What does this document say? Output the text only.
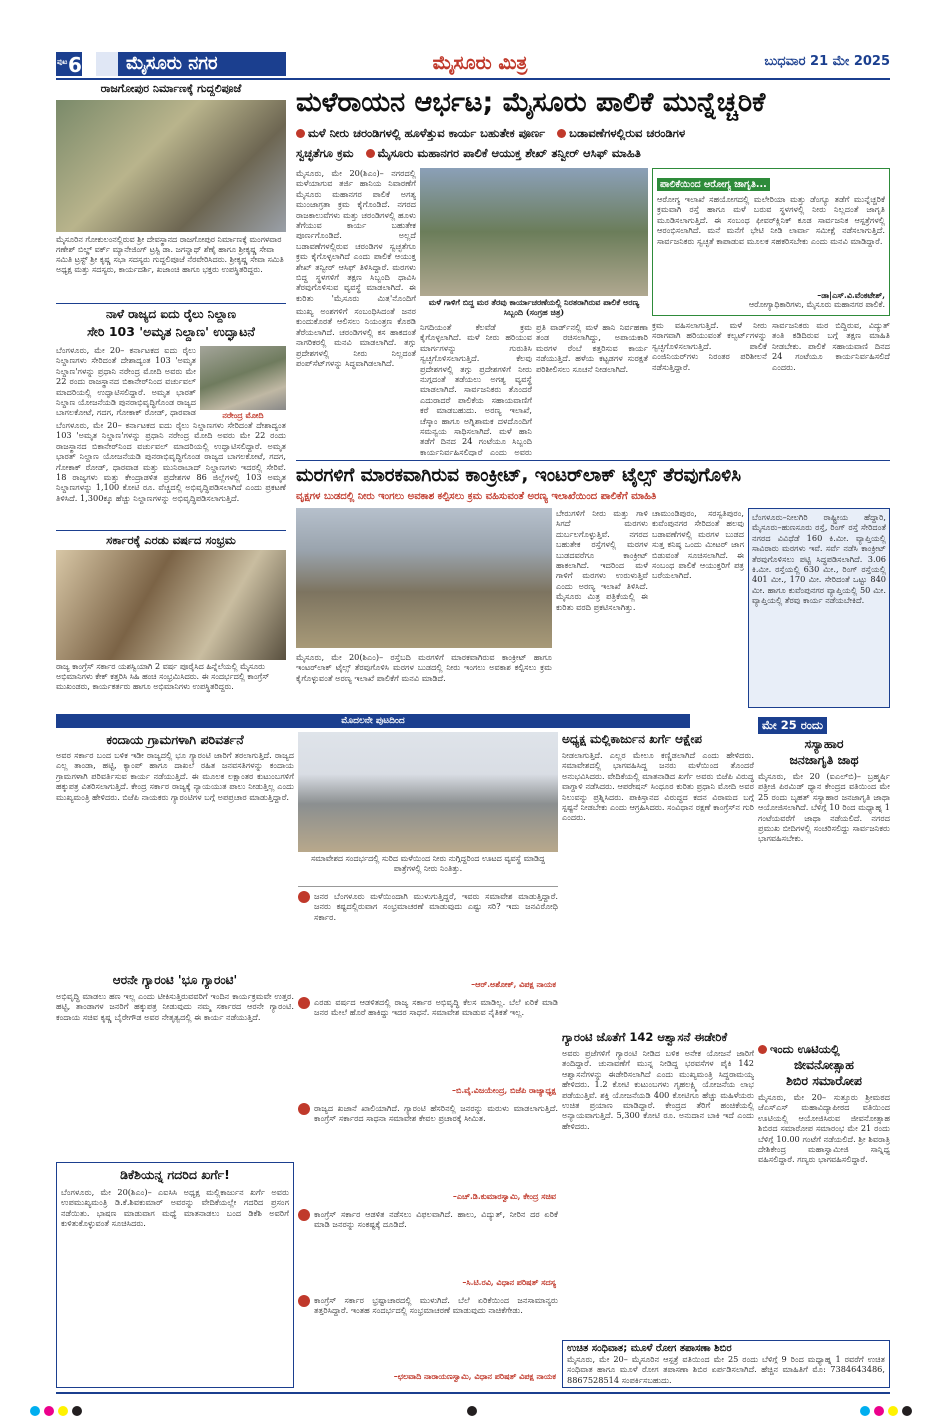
ಪುಟ 6	ಮೈಸೂರು ನಗರ	ಮೈಸೂರು ಮಿತ್ರ	ಬುಧವಾರ 21 ಮೇ 2025
ರಾಜಗೋಪುರ ನಿರ್ಮಾಣಕ್ಕೆ ಗುದ್ದಲಿಪೂಜೆ
ಮೈಸೂರಿನ ಗೋಕುಲಂನಲ್ಲಿರುವ ಶ್ರೀ ದೇವಸ್ಥಾನದ ರಾಜಗೋಪುರ ನಿರ್ಮಾಣಕ್ಕೆ ಮಂಗಳವಾರ ಗಣೇಶ್ ಬಿಲ್ಡ್ ವರ್ಕ್ ಮ್ಯಾನೇಜಿಂಗ್ ಟ್ರಸ್ಟಿ ಡಾ. ಜಗನ್ನಾಥ್ ಶೆಣೈ ಹಾಗೂ ಶ್ರೀಕೃಷ್ಣ ಸೇವಾ ಸಮಿತಿ ಟ್ರಸ್ಟ್ ಶ್ರೀ ಕೃಷ್ಣ ಸಭಾ ಸದಸ್ಯರು ಗುದ್ದಲಿಪೂಜೆ ನೆರವೇರಿಸಿದರು. ಶ್ರೀಕೃಷ್ಣ ಸೇವಾ ಸಮಿತಿ ಅಧ್ಯಕ್ಷ ಮತ್ತು ಸದಸ್ಯರು, ಕಾರ್ಯದರ್ಶಿ, ಖಜಾಂಚಿ ಹಾಗೂ ಭಕ್ತರು ಉಪಸ್ಥಿತರಿದ್ದರು.
ನಾಳೆ ರಾಜ್ಯದ ಐದು ರೈಲು ನಿಲ್ದಾಣ
ಸೇರಿ 103 'ಅಮೃತ ನಿಲ್ದಾಣ' ಉದ್ಘಾಟನೆ
ಬೆಂಗಳೂರು, ಮೇ 20– ಕರ್ನಾಟಕದ ಐದು ರೈಲು ನಿಲ್ದಾಣಗಳು ಸೇರಿದಂತೆ ದೇಶಾದ್ಯಂತ 103 'ಅಮೃತ ನಿಲ್ದಾಣ'ಗಳನ್ನು ಪ್ರಧಾನಿ ನರೇಂದ್ರ ಮೋದಿ ಅವರು ಮೇ 22 ರಂದು ರಾಜಸ್ಥಾನದ ಬಿಕಾನೇರ್‌ನಿಂದ ವರ್ಚುವಲ್ ಮಾದರಿಯಲ್ಲಿ ಉದ್ಘಾಟಿಸಲಿದ್ದಾರೆ. ಅಮೃತ ಭಾರತ್ ನಿಲ್ದಾಣ ಯೋಜನೆಯಡಿ ಪುನರಾಭಿವೃದ್ಧಿಗೊಂಡ ರಾಜ್ಯದ ಬಾಗಲಕೋಟೆ, ಗದಗ, ಗೋಕಾಕ್ ರೋಡ್, ಧಾರವಾಡ	ನರೇಂದ್ರ ಮೋದಿ
ಬೆಂಗಳೂರು, ಮೇ 20– ಕರ್ನಾಟಕದ ಐದು ರೈಲು ನಿಲ್ದಾಣಗಳು ಸೇರಿದಂತೆ ದೇಶಾದ್ಯಂತ 103 'ಅಮೃತ ನಿಲ್ದಾಣ'ಗಳನ್ನು ಪ್ರಧಾನಿ ನರೇಂದ್ರ ಮೋದಿ ಅವರು ಮೇ 22 ರಂದು ರಾಜಸ್ಥಾನದ ಬಿಕಾನೇರ್‌ನಿಂದ ವರ್ಚುವಲ್ ಮಾದರಿಯಲ್ಲಿ ಉದ್ಘಾಟಿಸಲಿದ್ದಾರೆ. ಅಮೃತ ಭಾರತ್ ನಿಲ್ದಾಣ ಯೋಜನೆಯಡಿ ಪುನರಾಭಿವೃದ್ಧಿಗೊಂಡ ರಾಜ್ಯದ ಬಾಗಲಕೋಟೆ, ಗದಗ, ಗೋಕಾಕ್ ರೋಡ್, ಧಾರವಾಡ ಮತ್ತು ಮುನಿರಾಬಾದ್ ನಿಲ್ದಾಣಗಳು ಇದರಲ್ಲಿ ಸೇರಿವೆ. 18 ರಾಜ್ಯಗಳು ಮತ್ತು ಕೇಂದ್ರಾಡಳಿತ ಪ್ರದೇಶಗಳ 86 ಜಿಲ್ಲೆಗಳಲ್ಲಿ 103 ಅಮೃತ ನಿಲ್ದಾಣಗಳನ್ನು 1,100 ಕೋಟಿ ರೂ. ವೆಚ್ಚದಲ್ಲಿ ಅಭಿವೃದ್ಧಿಪಡಿಸಲಾಗಿದೆ ಎಂದು ಪ್ರಕಟಣೆ ತಿಳಿಸಿದೆ. 1,300ಕ್ಕೂ ಹೆಚ್ಚು ನಿಲ್ದಾಣಗಳನ್ನು ಅಭಿವೃದ್ಧಿಪಡಿಸಲಾಗುತ್ತಿದೆ.
ಸರ್ಕಾರಕ್ಕೆ ಎರಡು ವರ್ಷದ ಸಂಭ್ರಮ
ರಾಜ್ಯ ಕಾಂಗ್ರೆಸ್ ಸರ್ಕಾರ ಯಶಸ್ವಿಯಾಗಿ 2 ವರ್ಷ ಪೂರೈಸಿದ ಹಿನ್ನೆಲೆಯಲ್ಲಿ ಮೈಸೂರು ಅಭಿಮಾನಿಗಳು ಕೇಕ್ ಕತ್ತರಿಸಿ ಸಿಹಿ ಹಂಚಿ ಸಂಭ್ರಮಿಸಿದರು. ಈ ಸಂದರ್ಭದಲ್ಲಿ ಕಾಂಗ್ರೆಸ್ ಮುಖಂಡರು, ಕಾರ್ಯಕರ್ತರು ಹಾಗೂ ಅಭಿಮಾನಿಗಳು ಉಪಸ್ಥಿತರಿದ್ದರು.
ಮಳೆರಾಯನ ಆರ್ಭಟ; ಮೈಸೂರು ಪಾಲಿಕೆ ಮುನ್ನೆಚ್ಚರಿಕೆ
ಮಳೆ ನೀರು ಚರಂಡಿಗಳಲ್ಲಿ ಹೂಳೆತ್ತುವ ಕಾರ್ಯ ಬಹುತೇಕ ಪೂರ್ಣ ಬಡಾವಣೆಗಳಲ್ಲಿರುವ ಚರಂಡಿಗಳ
ಸ್ವಚ್ಛತೆಗೂ ಕ್ರಮ ಮೈಸೂರು ಮಹಾನಗರ ಪಾಲಿಕೆ ಆಯುಕ್ತ ಶೇಖ್ ತನ್ವೀರ್ ಆಸಿಫ್ ಮಾಹಿತಿ
ಮೈಸೂರು, ಮೇ 20(ಶಿಎಂ)– ನಗರದಲ್ಲಿ ಮಳೆಯಾಗುವ ತರ್ಜಿ ಹಾನಿಯ ನಿವಾರಣೆಗೆ ಮೈಸೂರು ಮಹಾನಗರ ಪಾಲಿಕೆ ಅಗತ್ಯ ಮುಂಜಾಗ್ರತಾ ಕ್ರಮ ಕೈಗೊಂಡಿದೆ. ನಗರದ ರಾಜಕಾಲುವೆಗಳು ಮತ್ತು ಚರಂಡಿಗಳಲ್ಲಿ ಹೂಳು ತೆಗೆಯುವ ಕಾರ್ಯ ಬಹುತೇಕ ಪೂರ್ಣಗೊಂಡಿದೆ. ಅಲ್ಲದೆ ಬಡಾವಣೆಗಳಲ್ಲಿರುವ ಚರಂಡಿಗಳ ಸ್ವಚ್ಛತೆಗೂ ಕ್ರಮ ಕೈಗೊಳ್ಳಲಾಗಿದೆ ಎಂದು ಪಾಲಿಕೆ ಆಯುಕ್ತ ಶೇಖ್ ತನ್ವೀರ್ ಆಸಿಫ್ ತಿಳಿಸಿದ್ದಾರೆ. ಮರಗಳು ಬಿದ್ದ ಸ್ಥಳಗಳಿಗೆ ತಕ್ಷಣ ಸಿಬ್ಬಂದಿ ಧಾವಿಸಿ ತೆರವುಗೊಳಿಸುವ ವ್ಯವಸ್ಥೆ ಮಾಡಲಾಗಿದೆ. ಈ ಕುರಿತು 'ಮೈಸೂರು ಮಿತ್ರ'ನೊಂದಿಗೆ	ಮಳೆ ಗಾಳಿಗೆ ಬಿದ್ದ ಮರ ತೆರವು ಕಾರ್ಯಾಚರಣೆಯಲ್ಲಿ ನಿರತರಾಗಿರುವ ಪಾಲಿಕೆ ಅರಣ್ಯ ಸಿಬ್ಬಂದಿ (ಸಂಗ್ರಹ ಚಿತ್ರ)
ಪಾಲಿಕೆಯಿಂದ ಆರೋಗ್ಯ ಜಾಗೃತಿ...
ಆರೋಗ್ಯ ಇಲಾಖೆ ಸಹಯೋಗದಲ್ಲಿ ಮಲೇರಿಯಾ ಮತ್ತು ಡೆಂಗ್ಯೂ ತಡೆಗೆ ಮುನ್ನೆಚ್ಚರಿಕೆ ಕ್ರಮವಾಗಿ ರಸ್ತೆ ಹಾಗೂ ಮಳೆ ಬರುವ ಸ್ಥಳಗಳಲ್ಲಿ ನೀರು ನಿಲ್ಲದಂತೆ ಜಾಗೃತಿ ಮೂಡಿಸಲಾಗುತ್ತಿದೆ. ಈ ಸಂಬಂಧ ಫೀವರ್‌ಕ್ಲಿನಿಕ್ ಕೂಡ ಸಾರ್ವಜನಿಕ ಆಸ್ಪತ್ರೆಗಳಲ್ಲಿ ಆರಂಭಿಸಲಾಗಿದೆ. ಮನೆ ಮನೆಗೆ ಭೇಟಿ ನೀಡಿ ಲಾರ್ವಾ ಸಮೀಕ್ಷೆ ನಡೆಸಲಾಗುತ್ತಿದೆ. ಸಾರ್ವಜನಿಕರು ಸ್ವಚ್ಛತೆ ಕಾಪಾಡುವ ಮೂಲಕ ಸಹಕರಿಸಬೇಕು ಎಂದು ಮನವಿ ಮಾಡಿದ್ದಾರೆ.
–ಡಾ|ಎಸ್.ವಿ.ವೆಂಕಟೇಶ್,
ಆರೋಗ್ಯಾಧಿಕಾರಿಗಳು, ಮೈಸೂರು ಮಹಾನಗರ ಪಾಲಿಕೆ.
ಮುಖ್ಯ ಅಂಶಗಳಿಗೆ ಸಂಬಂಧಿಸಿದಂತೆ ಜನರ ಕುಂದುಕೊರತೆ ಆಲಿಸಲು ನಿಯಂತ್ರಣ ಕೊಠಡಿ ತೆರೆಯಲಾಗಿದೆ. ಚರಂಡಿಗಳಲ್ಲಿ ಕಸ ಹಾಕದಂತೆ ನಾಗರಿಕರಲ್ಲಿ ಮನವಿ ಮಾಡಲಾಗಿದೆ. ತಗ್ಗು ಪ್ರದೇಶಗಳಲ್ಲಿ ನೀರು ನಿಲ್ಲದಂತೆ ಪಂಪ್‌ಸೆಟ್‌ಗಳನ್ನು ಸಿದ್ಧವಾಗಿಡಲಾಗಿದೆ.
ನಿಗದಿಯಂತೆ ಕೆಲವೆಡೆ ಕ್ರಮ ಕೈಗೊಳ್ಳಲಾಗಿದೆ. ಮಳೆ ನೀರು ಹರಿಯುವ ಮಾರ್ಗಗಳನ್ನು ಗುರುತಿಸಿ ಸ್ವಚ್ಛಗೊಳಿಸಲಾಗುತ್ತಿದೆ. ಕೆಲವು ಪ್ರದೇಶಗಳಲ್ಲಿ ತಗ್ಗು ಪ್ರದೇಶಗಳಿಗೆ ನೀರು ನುಗ್ಗದಂತೆ ತಡೆಯಲು ಅಗತ್ಯ ವ್ಯವಸ್ಥೆ ಮಾಡಲಾಗಿದೆ. ಸಾರ್ವಜನಿಕರು ತೊಂದರೆ ಎದುರಾದರೆ ಪಾಲಿಕೆಯ ಸಹಾಯವಾಣಿಗೆ ಕರೆ ಮಾಡಬಹುದು. ಅರಣ್ಯ ಇಲಾಖೆ, ಚೆಸ್ಕಾಂ ಹಾಗೂ ಅಗ್ನಿಶಾಮಕ ದಳದೊಂದಿಗೆ ಸಮನ್ವಯ ಸಾಧಿಸಲಾಗಿದೆ. ಮಳೆ ಹಾನಿ ತಡೆಗೆ ದಿನದ 24 ಗಂಟೆಯೂ ಸಿಬ್ಬಂದಿ ಕಾರ್ಯನಿರ್ವಹಿಸಲಿದ್ದಾರೆ ಎಂದು ಅವರು
ಪ್ರತಿ ವಾರ್ಡ್‌ನಲ್ಲಿ ಮಳೆ ಹಾನಿ ನಿರ್ವಹಣಾ ತಂಡ ರಚಿಸಲಾಗಿದ್ದು, ಅಪಾಯಕಾರಿ ಮರಗಳ ರೆಂಬೆ ಕತ್ತರಿಸುವ ಕಾರ್ಯ ನಡೆಯುತ್ತಿದೆ. ಹಳೆಯ ಕಟ್ಟಡಗಳ ಸುರಕ್ಷತೆ ಪರಿಶೀಲಿಸಲು ಸೂಚನೆ ನೀಡಲಾಗಿದೆ.
ಕ್ರಮ ವಹಿಸಲಾಗುತ್ತಿದೆ. ಮಳೆ ನೀರು ಸರಾಗವಾಗಿ ಹರಿಯುವಂತೆ ಕಲ್ವರ್ಟ್‌ಗಳನ್ನು ಸ್ವಚ್ಛಗೊಳಿಸಲಾಗುತ್ತಿದೆ. ಪಾಲಿಕೆ ಎಂಜಿನಿಯರ್‌ಗಳು ನಿರಂತರ ಪರಿಶೀಲನೆ ನಡೆಸುತ್ತಿದ್ದಾರೆ.
ಸಾರ್ವಜನಿಕರು ಮರ ಬಿದ್ದಿರುವ, ವಿದ್ಯುತ್ ತಂತಿ ಕಡಿದಿರುವ ಬಗ್ಗೆ ತಕ್ಷಣ ಮಾಹಿತಿ ನೀಡಬೇಕು. ಪಾಲಿಕೆ ಸಹಾಯವಾಣಿ ದಿನದ 24 ಗಂಟೆಯೂ ಕಾರ್ಯನಿರ್ವಹಿಸಲಿದೆ ಎಂದರು.
ಮರಗಳಿಗೆ ಮಾರಕವಾಗಿರುವ ಕಾಂಕ್ರೀಟ್, ಇಂಟರ್‌ಲಾಕ್ ಟೈಲ್ಸ್ ತೆರವುಗೊಳಿಸಿ
ವೃಕ್ಷಗಳ ಬುಡದಲ್ಲಿ ನೀರು ಇಂಗಲು ಅವಕಾಶ ಕಲ್ಪಿಸಲು ಕ್ರಮ ವಹಿಸುವಂತೆ ಅರಣ್ಯ ಇಲಾಖೆಯಿಂದ ಪಾಲಿಕೆಗೆ ಮಾಹಿತಿ
ಮೈಸೂರು, ಮೇ 20(ಶಿಎಂ)– ರಸ್ತೆಬದಿ ಮರಗಳಿಗೆ ಮಾರಕವಾಗಿರುವ ಕಾಂಕ್ರೀಟ್ ಹಾಗೂ ಇಂಟರ್‌ಲಾಕ್ ಟೈಲ್ಸ್ ತೆರವುಗೊಳಿಸಿ ಮರಗಳ ಬುಡದಲ್ಲಿ ನೀರು ಇಂಗಲು ಅವಕಾಶ ಕಲ್ಪಿಸಲು ಕ್ರಮ ಕೈಗೊಳ್ಳುವಂತೆ ಅರಣ್ಯ ಇಲಾಖೆ ಪಾಲಿಕೆಗೆ ಮನವಿ ಮಾಡಿದೆ.
ಬೇರುಗಳಿಗೆ ನೀರು ಮತ್ತು ಗಾಳಿ ಸಿಗದೆ ಮರಗಳು ದುರ್ಬಲಗೊಳ್ಳುತ್ತಿವೆ. ನಗರದ ಬಹುತೇಕ ರಸ್ತೆಗಳಲ್ಲಿ ಮರಗಳ ಬುಡದವರೆಗೂ ಕಾಂಕ್ರೀಟ್ ಹಾಕಲಾಗಿದೆ. ಇದರಿಂದ ಮಳೆ ಗಾಳಿಗೆ ಮರಗಳು ಉರುಳುತ್ತಿವೆ ಎಂದು ಅರಣ್ಯ ಇಲಾಖೆ ತಿಳಿಸಿದೆ. ಮೈಸೂರು ಮಿತ್ರ ಪತ್ರಿಕೆಯಲ್ಲಿ ಈ ಕುರಿತು ವರದಿ ಪ್ರಕಟಿಸಲಾಗಿತ್ತು.
ಚಾಮುಂಡಿಪುರಂ, ಸರಸ್ವತಿಪುರಂ, ಕುವೆಂಪುನಗರ ಸೇರಿದಂತೆ ಹಲವು ಬಡಾವಣೆಗಳಲ್ಲಿ ಮರಗಳ ಬುಡದ ಸುತ್ತ ಕನಿಷ್ಠ ಒಂದು ಮೀಟರ್ ಜಾಗ ಬಿಡುವಂತೆ ಸೂಚಿಸಲಾಗಿದೆ. ಈ ಸಂಬಂಧ ಪಾಲಿಕೆ ಆಯುಕ್ತರಿಗೆ ಪತ್ರ ಬರೆಯಲಾಗಿದೆ.
ಬೆಂಗಳೂರು–ನೀಲಗಿರಿ ರಾಷ್ಟ್ರೀಯ ಹೆದ್ದಾರಿ, ಮೈಸೂರು–ಹುಣಸೂರು ರಸ್ತೆ, ರಿಂಗ್ ರಸ್ತೆ ಸೇರಿದಂತೆ ನಗರದ ವಿವಿಧೆಡೆ 160 ಕಿ.ಮೀ. ವ್ಯಾಪ್ತಿಯಲ್ಲಿ ಸಾವಿರಾರು ಮರಗಳು ಇವೆ. ಸರ್ವೆ ನಡೆಸಿ ಕಾಂಕ್ರೀಟ್ ತೆರವುಗೊಳಿಸಲು ಪಟ್ಟಿ ಸಿದ್ಧಪಡಿಸಲಾಗಿದೆ. 3.06 ಕಿ.ಮೀ. ರಸ್ತೆಯಲ್ಲಿ 630 ಮೀ., ರಿಂಗ್ ರಸ್ತೆಯಲ್ಲಿ 401 ಮೀ., 170 ಮೀ. ಸೇರಿದಂತೆ ಒಟ್ಟು 840 ಮೀ. ಹಾಗೂ ಕುವೆಂಪುನಗರ ವ್ಯಾಪ್ತಿಯಲ್ಲಿ 50 ಮೀ. ವ್ಯಾಪ್ತಿಯಲ್ಲಿ ತೆರವು ಕಾರ್ಯ ನಡೆಯಬೇಕಿದೆ.
ಮೊದಲನೇ ಪುಟದಿಂದ
ಕಂದಾಯ ಗ್ರಾಮಗಳಾಗಿ ಪರಿವರ್ತನೆ
ಅವರ ಸರ್ಕಾರ ಬಂದ ಬಳಿಕ ಇಡೀ ರಾಜ್ಯದಲ್ಲಿ ಭೂ ಗ್ಯಾರಂಟಿ ಜಾರಿಗೆ ತರಲಾಗುತ್ತಿದೆ. ರಾಜ್ಯದ ಎಲ್ಲ ತಾಂಡಾ, ಹಟ್ಟಿ, ಕ್ಯಾಂಪ್ ಹಾಗೂ ದಾಖಲೆ ರಹಿತ ಜನವಸತಿಗಳನ್ನು ಕಂದಾಯ ಗ್ರಾಮಗಳಾಗಿ ಪರಿವರ್ತಿಸುವ ಕಾರ್ಯ ನಡೆಯುತ್ತಿದೆ. ಈ ಮೂಲಕ ಲಕ್ಷಾಂತರ ಕುಟುಂಬಗಳಿಗೆ ಹಕ್ಕುಪತ್ರ ವಿತರಿಸಲಾಗುತ್ತಿದೆ. ಕೇಂದ್ರ ಸರ್ಕಾರ ರಾಜ್ಯಕ್ಕೆ ನ್ಯಾಯಯುತ ಪಾಲು ನೀಡುತ್ತಿಲ್ಲ ಎಂದು ಮುಖ್ಯಮಂತ್ರಿ ಹೇಳಿದರು. ಬಿಜೆಪಿ ನಾಯಕರು ಗ್ಯಾರಂಟಿಗಳ ಬಗ್ಗೆ ಅಪಪ್ರಚಾರ ಮಾಡುತ್ತಿದ್ದಾರೆ.
ಆರನೇ ಗ್ಯಾರಂಟಿ 'ಭೂ ಗ್ಯಾರಂಟಿ'
ಅಭಿವೃದ್ಧಿ ಮಾಡಲು ಹಣ ಇಲ್ಲ ಎಂದು ಟೀಕಿಸುತ್ತಿರುವವರಿಗೆ ಇಂದಿನ ಕಾರ್ಯಕ್ರಮವೇ ಉತ್ತರ. ಹಟ್ಟಿ, ತಾಂಡಾಗಳ ಜನರಿಗೆ ಹಕ್ಕುಪತ್ರ ನೀಡುವುದು ನಮ್ಮ ಸರ್ಕಾರದ ಆರನೇ ಗ್ಯಾರಂಟಿ. ಕಂದಾಯ ಸಚಿವ ಕೃಷ್ಣ ಬೈರೇಗೌಡ ಅವರ ನೇತೃತ್ವದಲ್ಲಿ ಈ ಕಾರ್ಯ ನಡೆಯುತ್ತಿದೆ.
ಡಿಕೆಶಿಯನ್ನ ಗದರಿದ ಖರ್ಗೆ!
ಬೆಂಗಳೂರು, ಮೇ 20(ಶಿಎಂ)– ಎಐಸಿಸಿ ಅಧ್ಯಕ್ಷ ಮಲ್ಲಿಕಾರ್ಜುನ ಖರ್ಗೆ ಅವರು ಉಪಮುಖ್ಯಮಂತ್ರಿ ಡಿ.ಕೆ.ಶಿವಕುಮಾರ್ ಅವರನ್ನು ವೇದಿಕೆಯಲ್ಲೇ ಗದರಿದ ಪ್ರಸಂಗ ನಡೆಯಿತು. ಭಾಷಣ ಮಾಡುವಾಗ ಮಧ್ಯೆ ಮಾತನಾಡಲು ಬಂದ ಡಿಕೆಶಿ ಅವರಿಗೆ ಕುಳಿತುಕೊಳ್ಳುವಂತೆ ಸೂಚಿಸಿದರು.
ಸಮಾವೇಶದ ಸಂದರ್ಭದಲ್ಲಿ ಸುರಿದ ಮಳೆಯಿಂದ ನೀರು ನುಗ್ಗಿದ್ದರಿಂದ ಊಟದ ವ್ಯವಸ್ಥೆ ಮಾಡಿದ್ದ ಪಾತ್ರೆಗಳಲ್ಲಿ ನೀರು ನಿಂತಿತ್ತು.
ಜನರ ಬೆಂಗಳೂರು ಮಳೆಯಿಂದಾಗಿ ಮುಳುಗುತ್ತಿದ್ದರೆ, ಇವರು ಸಮಾವೇಶ ಮಾಡುತ್ತಿದ್ದಾರೆ. ಜನರು ಕಷ್ಟದಲ್ಲಿರುವಾಗ ಸಂಭ್ರಮಾಚರಣೆ ಮಾಡುವುದು ಎಷ್ಟು ಸರಿ? ಇದು ಜನವಿರೋಧಿ ಸರ್ಕಾರ.
–ಆರ್.ಅಶೋಕ್, ವಿಪಕ್ಷ ನಾಯಕ
ಎರಡು ವರ್ಷದ ಆಡಳಿತದಲ್ಲಿ ರಾಜ್ಯ ಸರ್ಕಾರ ಅಭಿವೃದ್ಧಿ ಕೆಲಸ ಮಾಡಿಲ್ಲ. ಬೆಲೆ ಏರಿಕೆ ಮಾಡಿ ಜನರ ಮೇಲೆ ಹೊರೆ ಹಾಕಿದ್ದು ಇದರ ಸಾಧನೆ. ಸಮಾವೇಶ ಮಾಡುವ ನೈತಿಕತೆ ಇಲ್ಲ.
–ಬಿ.ವೈ.ವಿಜಯೇಂದ್ರ, ಬಿಜೆಪಿ ರಾಜ್ಯಾಧ್ಯಕ್ಷ
ರಾಜ್ಯದ ಖಜಾನೆ ಖಾಲಿಯಾಗಿದೆ. ಗ್ಯಾರಂಟಿ ಹೆಸರಿನಲ್ಲಿ ಜನರನ್ನು ಮರುಳು ಮಾಡಲಾಗುತ್ತಿದೆ. ಕಾಂಗ್ರೆಸ್ ಸರ್ಕಾರದ ಸಾಧನಾ ಸಮಾವೇಶ ಕೇವಲ ಪ್ರಚಾರಕ್ಕೆ ಸೀಮಿತ.
–ಎಚ್.ಡಿ.ಕುಮಾರಸ್ವಾಮಿ, ಕೇಂದ್ರ ಸಚಿವ
ಕಾಂಗ್ರೆಸ್ ಸರ್ಕಾರ ಆಡಳಿತ ನಡೆಸಲು ವಿಫಲವಾಗಿದೆ. ಹಾಲು, ವಿದ್ಯುತ್, ನೀರಿನ ದರ ಏರಿಕೆ ಮಾಡಿ ಜನರನ್ನು ಸಂಕಷ್ಟಕ್ಕೆ ದೂಡಿದೆ.
–ಸಿ.ಟಿ.ರವಿ, ವಿಧಾನ ಪರಿಷತ್ ಸದಸ್ಯ
ಕಾಂಗ್ರೆಸ್ ಸರ್ಕಾರ ಭ್ರಷ್ಟಾಚಾರದಲ್ಲಿ ಮುಳುಗಿದೆ. ಬೆಲೆ ಏರಿಕೆಯಿಂದ ಜನಸಾಮಾನ್ಯರು ತತ್ತರಿಸಿದ್ದಾರೆ. ಇಂತಹ ಸಂದರ್ಭದಲ್ಲಿ ಸಂಭ್ರಮಾಚರಣೆ ಮಾಡುವುದು ನಾಚಿಕೆಗೇಡು.
–ಛಲವಾದಿ ನಾರಾಯಣಸ್ವಾಮಿ, ವಿಧಾನ ಪರಿಷತ್ ವಿಪಕ್ಷ ನಾಯಕ
ಅಧ್ಯಕ್ಷ ಮಲ್ಲಿಕಾರ್ಜುನ ಖರ್ಗೆ ಆಕ್ಷೇಪ
ನೀಡಲಾಗುತ್ತಿದೆ. ಎಲ್ಲರ ಮೇಲೂ ಕಣ್ಣಿಡಲಾಗಿದೆ ಎಂದು ಹೇಳಿದರು. ಸಮಾವೇಶದಲ್ಲಿ ಭಾಗವಹಿಸಿದ್ದ ಜನರು ಮಳೆಯಿಂದ ತೊಂದರೆ ಅನುಭವಿಸಿದರು. ವೇದಿಕೆಯಲ್ಲಿ ಮಾತನಾಡಿದ ಖರ್ಗೆ ಅವರು ಬಿಜೆಪಿ ವಿರುದ್ಧ ವಾಗ್ದಾಳಿ ನಡೆಸಿದರು. ಆಪರೇಷನ್ ಸಿಂಧೂರ ಕುರಿತು ಪ್ರಧಾನಿ ಮೋದಿ ಅವರ ನಿಲುವನ್ನು ಪ್ರಶ್ನಿಸಿದರು. ಪಾಕಿಸ್ತಾನದ ವಿರುದ್ಧದ ಕದನ ವಿರಾಮದ ಬಗ್ಗೆ ಸ್ಪಷ್ಟನೆ ನೀಡಬೇಕು ಎಂದು ಆಗ್ರಹಿಸಿದರು. ಸಂವಿಧಾನ ರಕ್ಷಣೆ ಕಾಂಗ್ರೆಸ್‌ನ ಗುರಿ ಎಂದರು.
ಗ್ಯಾರಂಟಿ ಜೊತೆಗೆ 142 ಆಶ್ವಾಸನೆ ಈಡೇರಿಕೆ
ಅವರು ಪ್ರಜೆಗಳಿಗೆ ಗ್ಯಾರಂಟಿ ನೀಡಿದ ಬಳಿಕ ಅನೇಕ ಯೋಜನೆ ಜಾರಿಗೆ ತಂದಿದ್ದಾರೆ. ಚುನಾವಣೆಗೆ ಮುನ್ನ ನೀಡಿದ್ದ ಭರವಸೆಗಳ ಪೈಕಿ 142 ಆಶ್ವಾಸನೆಗಳನ್ನು ಈಡೇರಿಸಲಾಗಿದೆ ಎಂದು ಮುಖ್ಯಮಂತ್ರಿ ಸಿದ್ದರಾಮಯ್ಯ ಹೇಳಿದರು. 1.2 ಕೋಟಿ ಕುಟುಂಬಗಳು ಗೃಹಲಕ್ಷ್ಮಿ ಯೋಜನೆಯ ಲಾಭ ಪಡೆಯುತ್ತಿವೆ. ಶಕ್ತಿ ಯೋಜನೆಯಡಿ 400 ಕೋಟಿಗೂ ಹೆಚ್ಚು ಮಹಿಳೆಯರು ಉಚಿತ ಪ್ರಯಾಣ ಮಾಡಿದ್ದಾರೆ. ಕೇಂದ್ರದ ತೆರಿಗೆ ಹಂಚಿಕೆಯಲ್ಲಿ ಅನ್ಯಾಯವಾಗುತ್ತಿದೆ. 5,300 ಕೋಟಿ ರೂ. ಅನುದಾನ ಬಾಕಿ ಇದೆ ಎಂದು ಹೇಳಿದರು.
ಮೇ 25 ರಂದು
ಸಸ್ಯಾಹಾರ
ಜನಜಾಗೃತಿ ಜಾಥ
ಮೈಸೂರು, ಮೇ 20 (ಐಎಲ್‌ಬಿ)– ಬ್ರಹ್ಮರ್ಷಿ ಪತ್ರೀಜಿ ಪಿರಮಿಡ್ ಧ್ಯಾನ ಕೇಂದ್ರದ ವತಿಯಿಂದ ಮೇ 25 ರಂದು ಬೃಹತ್ ಸಸ್ಯಾಹಾರ ಜನಜಾಗೃತಿ ಜಾಥಾ ಆಯೋಜಿಸಲಾಗಿದೆ. ಬೆಳಿಗ್ಗೆ 10 ರಿಂದ ಮಧ್ಯಾಹ್ನ 1 ಗಂಟೆಯವರೆಗೆ ಜಾಥಾ ನಡೆಯಲಿದೆ. ನಗರದ ಪ್ರಮುಖ ಬೀದಿಗಳಲ್ಲಿ ಸಂಚರಿಸಲಿದ್ದು ಸಾರ್ವಜನಿಕರು ಭಾಗವಹಿಸಬೇಕು.
ಇಂದು ಊಟಿಯಲ್ಲಿ
ಜೀವನೋತ್ಸಾಹ
ಶಿಬಿರ ಸಮಾರೋಪ
ಮೈಸೂರು, ಮೇ 20– ಸುತ್ತೂರು ಶ್ರೀಮಠದ ಜೆಎಸ್‌ಎಸ್ ಮಹಾವಿದ್ಯಾಪೀಠದ ವತಿಯಿಂದ ಊಟಿಯಲ್ಲಿ ಆಯೋಜಿಸಿರುವ ಜೀವನೋತ್ಸಾಹ ಶಿಬಿರದ ಸಮಾರೋಪ ಸಮಾರಂಭ ಮೇ 21 ರಂದು ಬೆಳಿಗ್ಗೆ 10.00 ಗಂಟೆಗೆ ನಡೆಯಲಿದೆ. ಶ್ರೀ ಶಿವರಾತ್ರಿ ದೇಶಿಕೇಂದ್ರ ಮಹಾಸ್ವಾಮೀಜಿ ಸಾನ್ನಿಧ್ಯ ವಹಿಸಲಿದ್ದಾರೆ. ಗಣ್ಯರು ಭಾಗವಹಿಸಲಿದ್ದಾರೆ.
ಉಚಿತ ಸಂಧಿವಾತ; ಮೂಳೆ ರೋಗ ತಪಾಸಣಾ ಶಿಬಿರ
ಮೈಸೂರು, ಮೇ 20– ಮೈಸೂರಿನ ಆಸ್ಪತ್ರೆ ವತಿಯಿಂದ ಮೇ 25 ರಂದು ಬೆಳಿಗ್ಗೆ 9 ರಿಂದ ಮಧ್ಯಾಹ್ನ 1 ರವರೆಗೆ ಉಚಿತ ಸಂಧಿವಾತ ಹಾಗೂ ಮೂಳೆ ರೋಗ ತಪಾಸಣಾ ಶಿಬಿರ ಏರ್ಪಡಿಸಲಾಗಿದೆ. ಹೆಚ್ಚಿನ ಮಾಹಿತಿಗೆ ಮೊ: 7384643486, 8867528514 ಸಂಪರ್ಕಿಸಬಹುದು.
